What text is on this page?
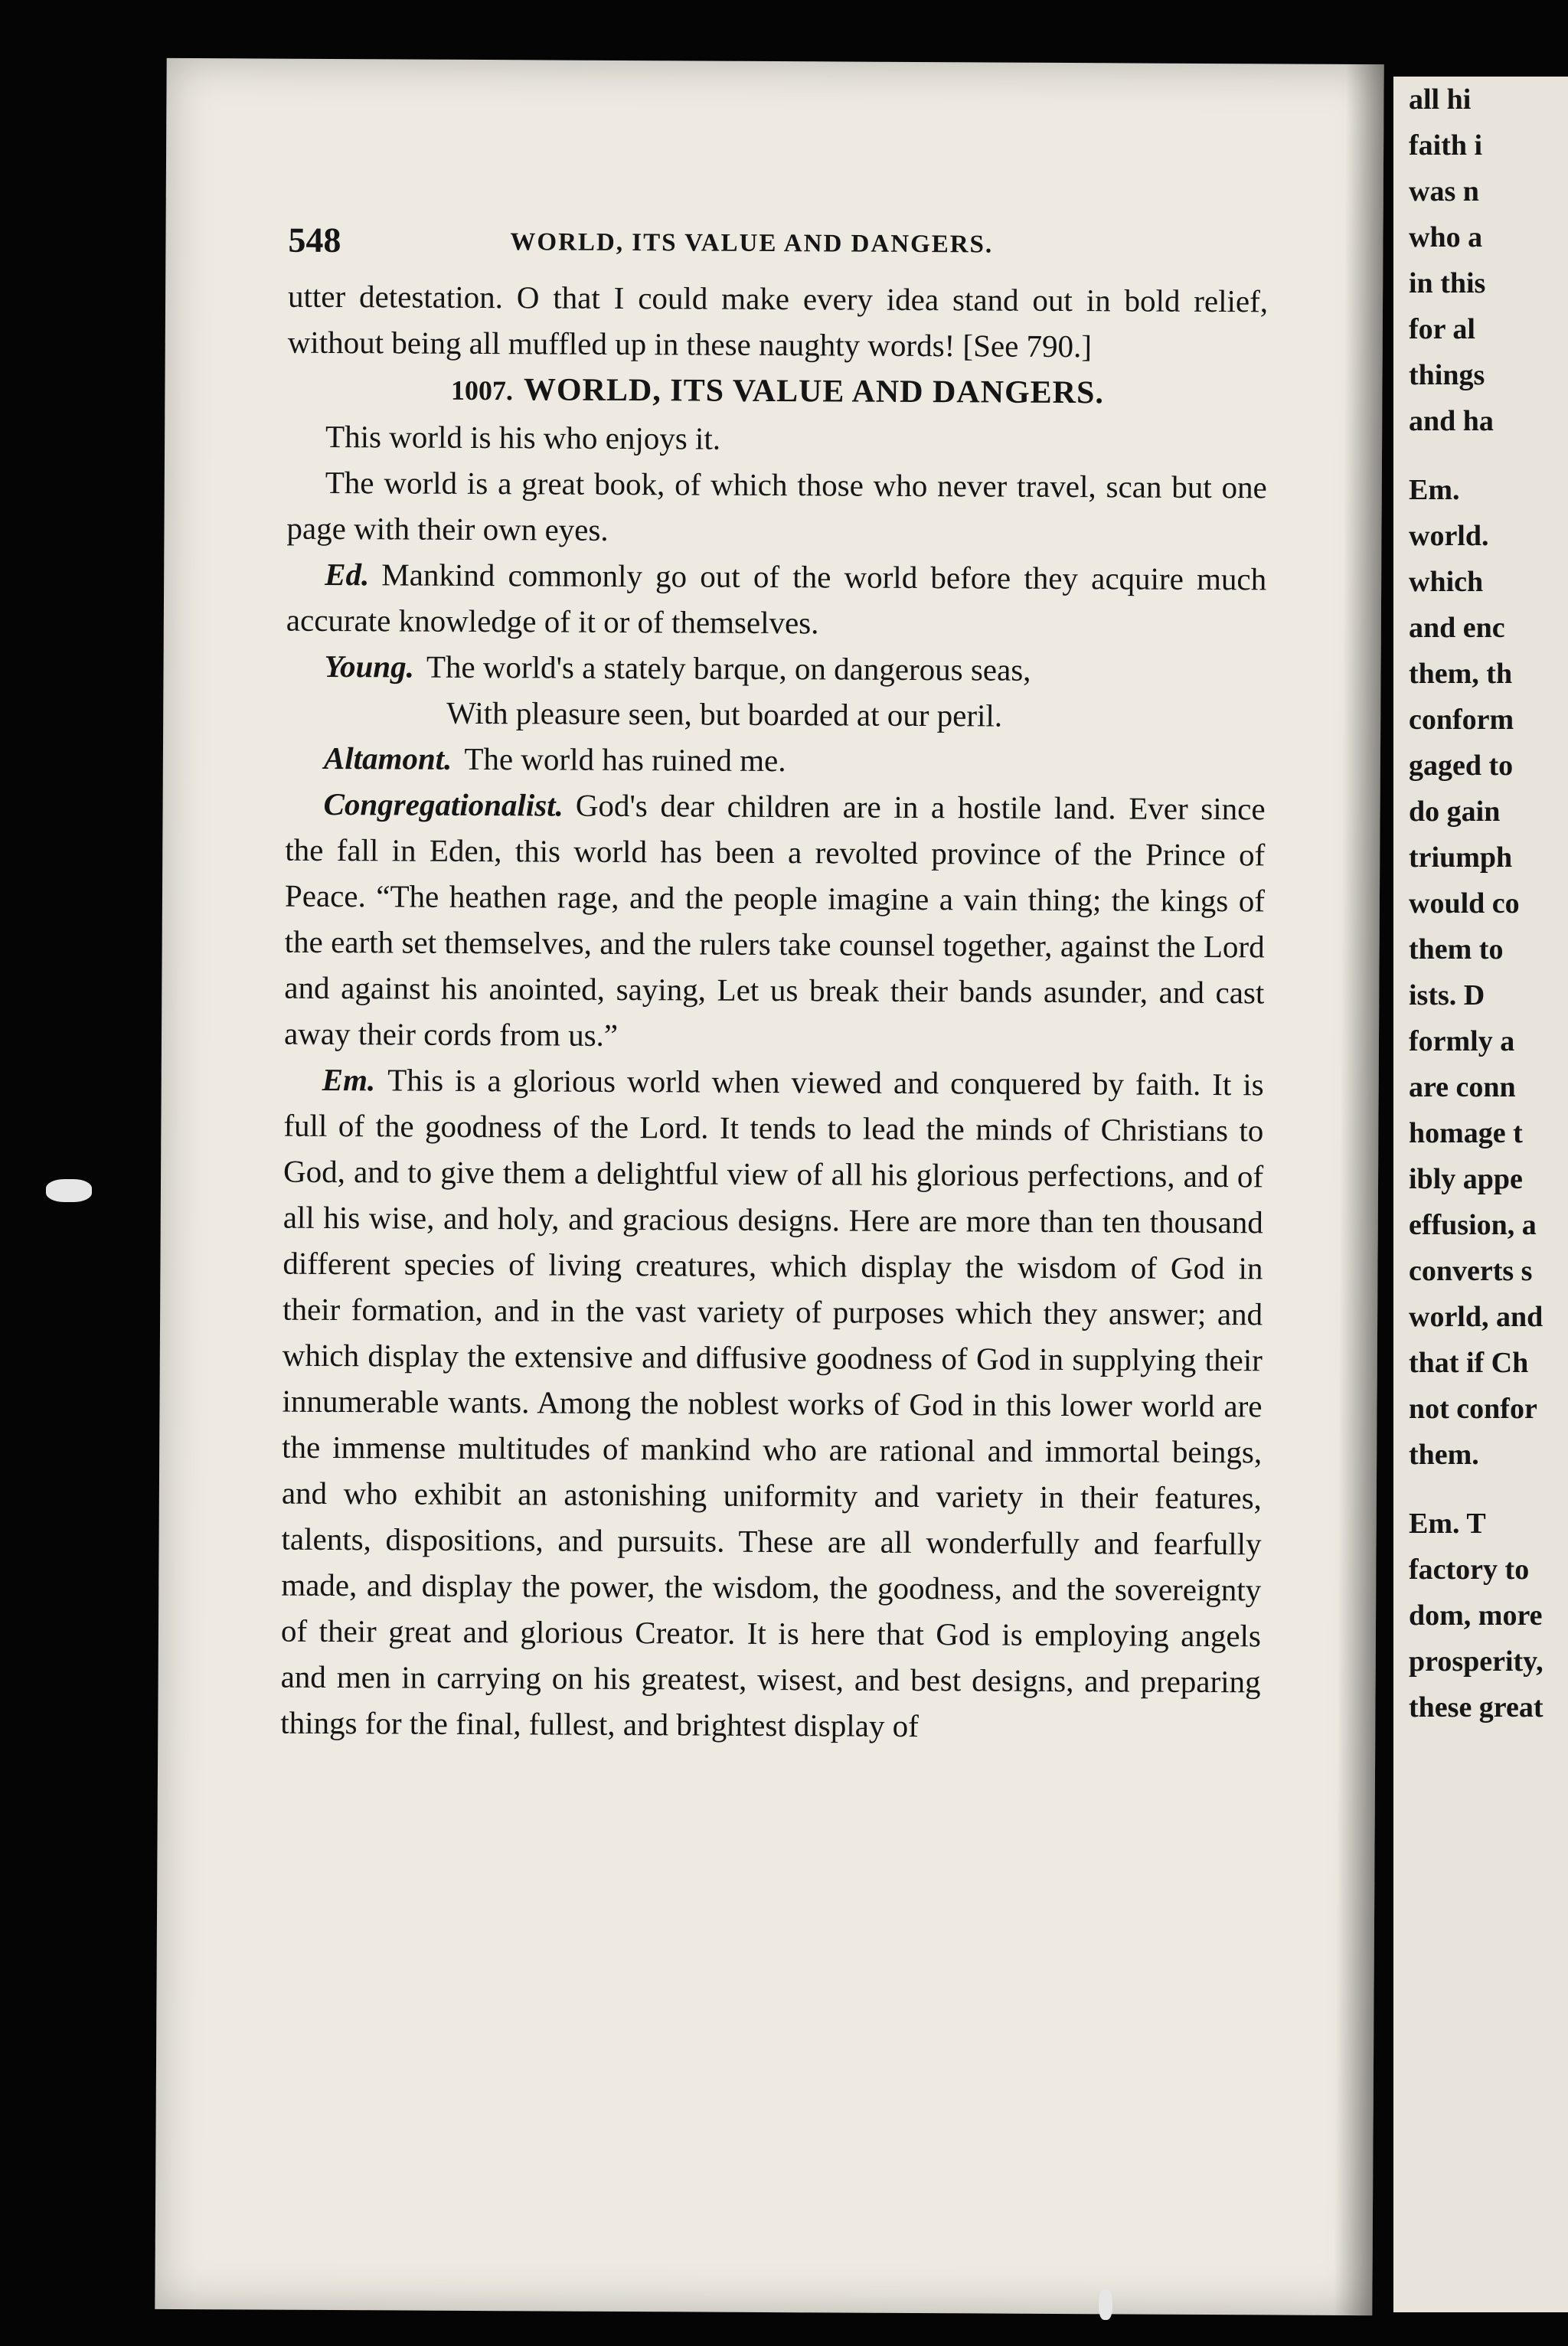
all hi
faith i
was n
who a
in this
for al
things
and ha
Em.
world.
which
and enc
them, th
conform
gaged to
do gain
triumph
would co
them to
ists. D
formly a
are conn
homage t
ibly appe
effusion, a
converts s
world, and
that if Ch
not confor
them.
Em. T
factory to
dom, more
prosperity,
these great
548	WORLD, ITS VALUE AND DANGERS.

utter detestation. O that I could make every idea stand out in bold relief, without being all muffled up in these naughty words! [See 790.]

1007. WORLD, ITS VALUE AND DANGERS.

This world is his who enjoys it.

The world is a great book, of which those who never travel, scan but one page with their own eyes.

Ed. Mankind commonly go out of the world before they acquire much accurate knowledge of it or of themselves.

Young. The world's a stately barque, on dangerous seas,

With pleasure seen, but boarded at our peril.

Altamont. The world has ruined me.

Congregationalist. God's dear children are in a hostile land. Ever since the fall in Eden, this world has been a revolted province of the Prince of Peace. “The heathen rage, and the people imagine a vain thing; the kings of the earth set themselves, and the rulers take counsel together, against the Lord and against his anointed, saying, Let us break their bands asunder, and cast away their cords from us.”

Em. This is a glorious world when viewed and conquered by faith. It is full of the goodness of the Lord. It tends to lead the minds of Christians to God, and to give them a delightful view of all his glorious perfections, and of all his wise, and holy, and gracious designs. Here are more than ten thousand different species of living creatures, which display the wisdom of God in their formation, and in the vast variety of purposes which they answer; and which display the extensive and diffusive goodness of God in supplying their innumerable wants. Among the noblest works of God in this lower world are the immense multitudes of mankind who are rational and immortal beings, and who exhibit an astonishing uniformity and variety in their features, talents, dispositions, and pursuits. These are all wonderfully and fearfully made, and display the power, the wisdom, the goodness, and the sovereignty of their great and glorious Creator. It is here that God is employing angels and men in carrying on his greatest, wisest, and best designs, and preparing things for the final, fullest, and brightest display of
